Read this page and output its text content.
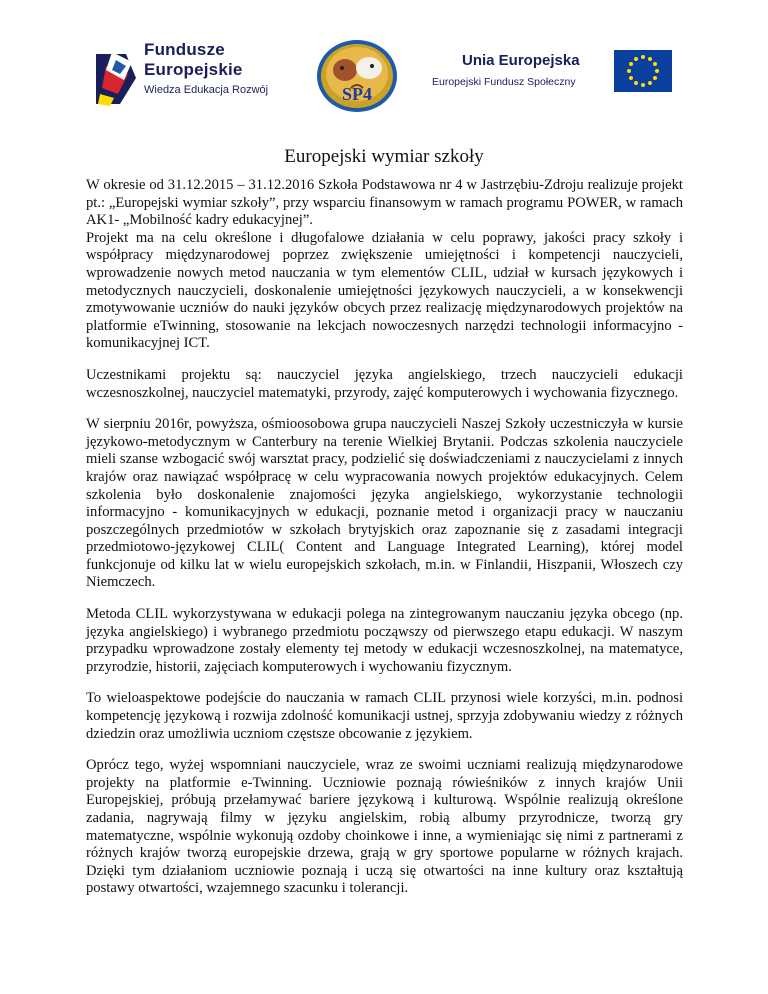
Fundusze
Europejskie
Wiedza Edukacja Rozwój	SP4
Unia Europejska
Europejski Fundusz Społeczny
Europejski wymiar szkoły

W okresie od 31.12.2015 – 31.12.2016 Szkoła Podstawowa nr 4 w Jastrzębiu-Zdroju realizuje projekt pt.: „Europejski wymiar szkoły”, przy wsparciu finansowym w ramach programu POWER, w ramach AK1- „Mobilność kadry edukacyjnej”.

Projekt ma na celu określone i długofalowe działania w celu poprawy, jakości pracy szkoły i współpracy międzynarodowej poprzez zwiększenie umiejętności i kompetencji nauczycieli, wprowadzenie nowych metod nauczania w tym elementów CLIL, udział w kursach językowych i metodycznych nauczycieli, doskonalenie umiejętności językowych nauczycieli, a w konsekwencji zmotywowanie uczniów do nauki języków obcych przez realizację międzynarodowych projektów na platformie eTwinning, stosowanie na lekcjach nowoczesnych narzędzi technologii informacyjno - komunikacyjnej ICT.

Uczestnikami projektu są: nauczyciel języka angielskiego, trzech nauczycieli edukacji wczesnoszkolnej, nauczyciel matematyki, przyrody, zajęć komputerowych i wychowania fizycznego.

W sierpniu 2016r, powyższa, ośmioosobowa grupa nauczycieli Naszej Szkoły uczestniczyła w kursie językowo-metodycznym w Canterbury na terenie Wielkiej Brytanii. Podczas szkolenia nauczyciele mieli szanse wzbogacić swój warsztat pracy, podzielić się doświadczeniami z nauczycielami z innych krajów oraz nawiązać współpracę w celu wypracowania nowych projektów edukacyjnych. Celem szkolenia było doskonalenie znajomości języka angielskiego, wykorzystanie technologii informacyjno - komunikacyjnych w edukacji, poznanie metod i organizacji pracy w nauczaniu poszczególnych przedmiotów w szkołach brytyjskich oraz zapoznanie się z zasadami integracji przedmiotowo-językowej CLIL( Content and Language Integrated Learning), której model funkcjonuje od kilku lat w wielu europejskich szkołach, m.in. w Finlandii, Hiszpanii, Włoszech czy Niemczech.

Metoda CLIL wykorzystywana w edukacji polega na zintegrowanym nauczaniu języka obcego (np. języka angielskiego) i wybranego przedmiotu począwszy od pierwszego etapu edukacji. W naszym przypadku wprowadzone zostały elementy tej metody w edukacji wczesnoszkolnej, na matematyce, przyrodzie, historii, zajęciach komputerowych i wychowaniu fizycznym.

To wieloaspektowe podejście do nauczania w ramach CLIL przynosi wiele korzyści, m.in. podnosi kompetencję językową i rozwija zdolność komunikacji ustnej, sprzyja zdobywaniu wiedzy z różnych dziedzin oraz umożliwia uczniom częstsze obcowanie z językiem.

Oprócz tego, wyżej wspomniani nauczyciele, wraz ze swoimi uczniami realizują międzynarodowe projekty na platformie e-Twinning. Uczniowie poznają rówieśników z innych krajów Unii Europejskiej, próbują przełamywać bariere językową i kulturową. Wspólnie realizują określone zadania, nagrywają filmy w języku angielskim, robią albumy przyrodnicze, tworzą gry matematyczne, wspólnie wykonują ozdoby choinkowe i inne, a wymieniając się nimi z partnerami z różnych krajów tworzą europejskie drzewa, grają w gry sportowe popularne w różnych krajach. Dzięki tym działaniom uczniowie poznają i uczą się otwartości na inne kultury oraz kształtują postawy otwartości, wzajemnego szacunku i tolerancji.
